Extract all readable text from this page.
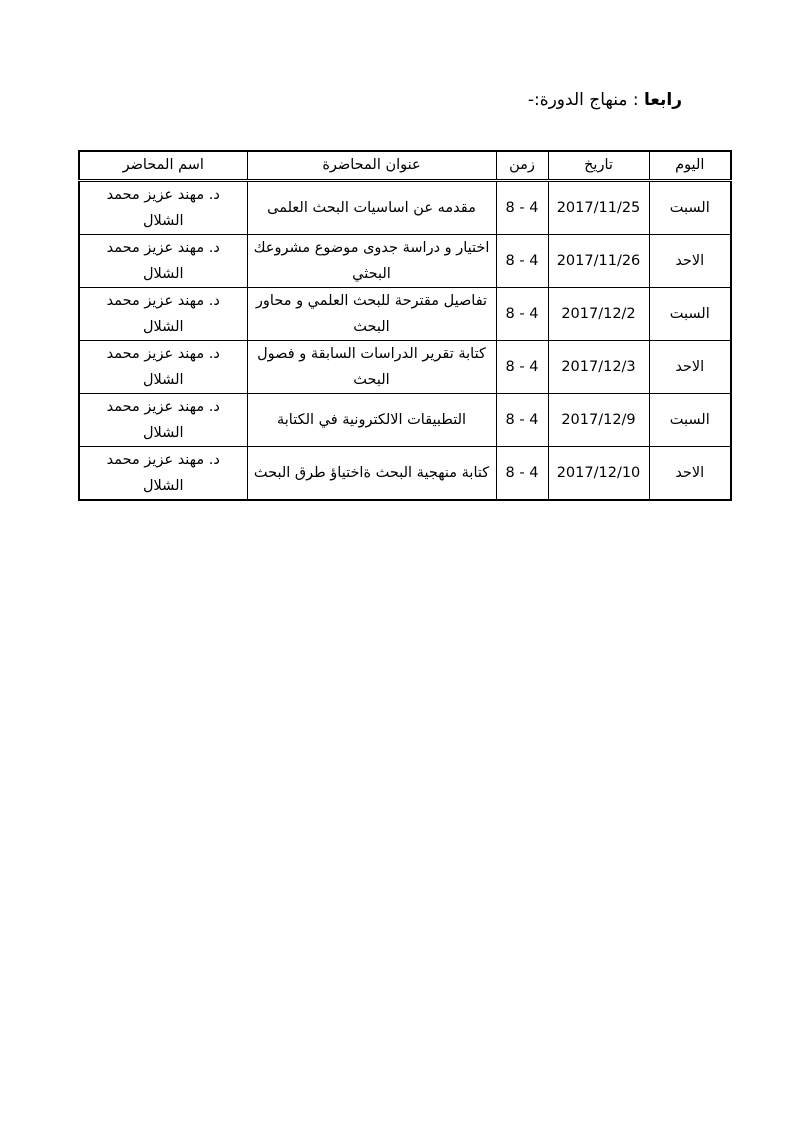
رابعا : منهاج الدورة:-
اليوم	تاريخ	زمن	عنوان المحاضرة	اسم المحاضر
السبت	2017/11/25	4 - 8	مقدمه عن اساسيات البحث العلمى	د. مهند عزيز محمد الشلال
الاحد	2017/11/26	4 - 8	اختيار و دراسة جدوى موضوع مشروعك البحثي	د. مهند عزيز محمد الشلال
السبت	2017/12/2	4 - 8	تفاصيل مقترحة للبحث العلمي و محاور البحث	د. مهند عزيز محمد الشلال
الاحد	2017/12/3	4 - 8	كتابة تقرير الدراسات السابقة و فصول البحث	د. مهند عزيز محمد الشلال
السبت	2017/12/9	4 - 8	التطبيقات الالكترونية في الكتابة	د. مهند عزيز محمد الشلال
الاحد	2017/12/10	4 - 8	كتابة منهجية البحث ةاختياؤ طرق البحث	د. مهند عزيز محمد الشلال
